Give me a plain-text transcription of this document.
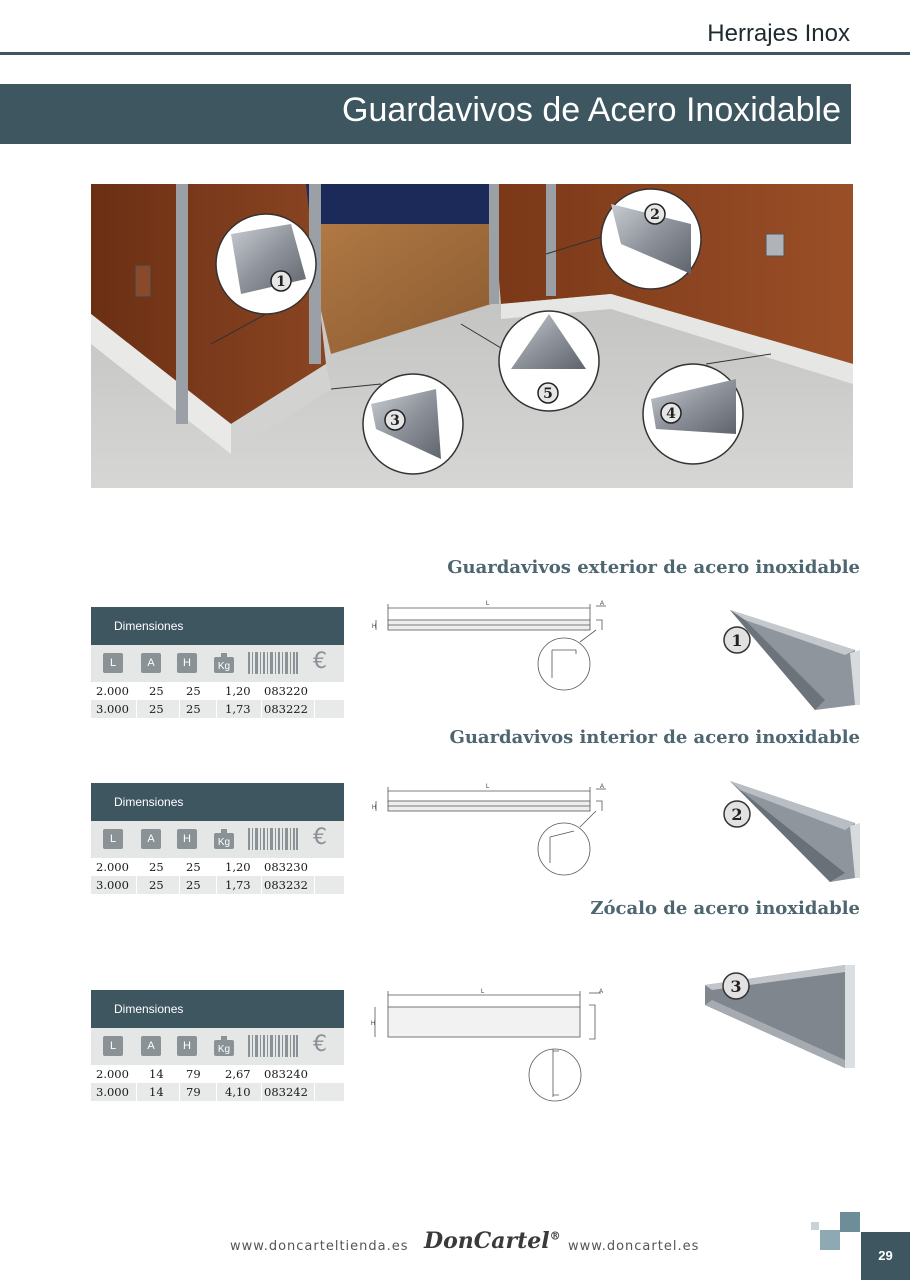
Herrajes Inox
Guardavivos de Acero Inoxidable
1
2
3	4
5
Guardavivos exterior de acero inoxidable
Dimensiones
L	A	H	Kg	€
2.000	25	25	1,20	083220
3.000	25	25	1,73	083222
L	A
H
1
Guardavivos interior de acero inoxidable
Dimensiones
L	A	H	Kg	€
2.000	25	25	1,20	083230
3.000	25	25	1,73	083232
L	A
H	2
Zócalo de acero inoxidable
Dimensiones
L	A	H	Kg	€
2.000	14	79	2,67	083240
3.000	14	79	4,10	083242
L	A
H
3
www.doncarteltienda.es DonCartel®
www.doncartel.es
29
